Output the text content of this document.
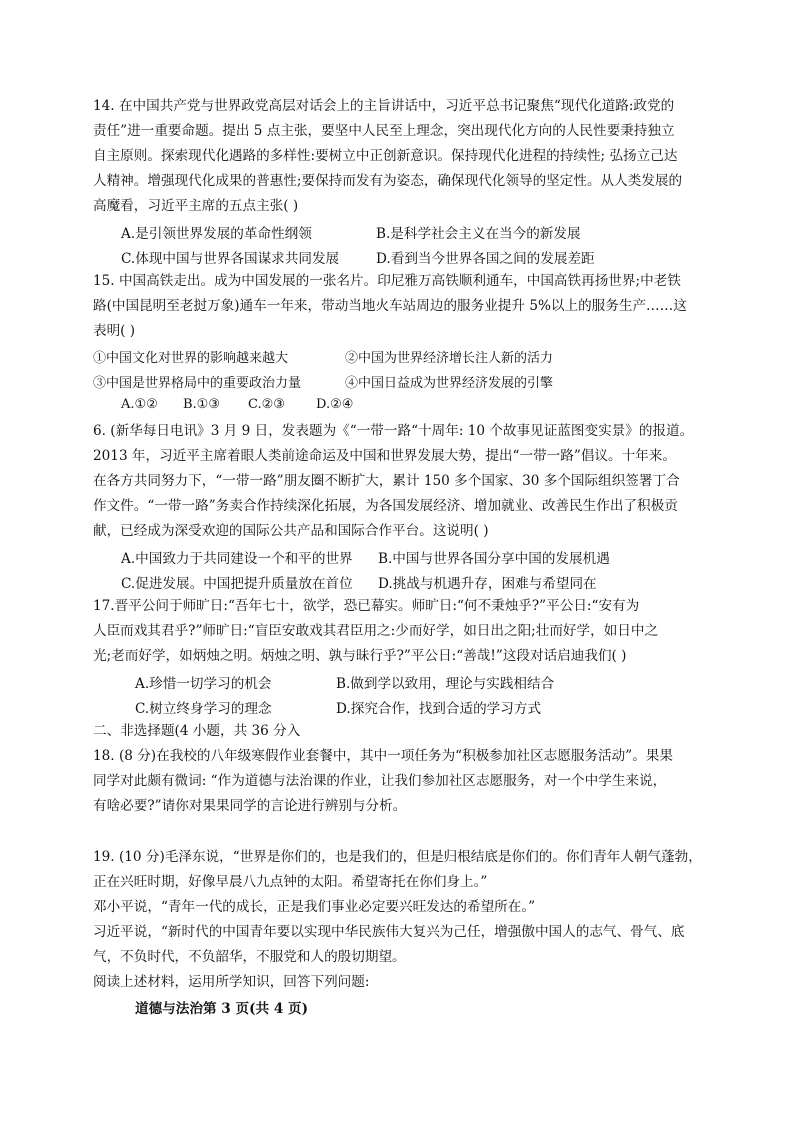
14. 在中国共产党与世界政党高层对话会上的主旨讲话中，习近平总书记聚焦“现代化道路:政党的
责任”进一重要命题。提出 5 点主张，要坚中人民至上理念，突出现代化方向的人民性要秉持独立
自主原则。探索现代化遇路的多样性:要树立中正创新意识。保持现代化进程的持续性; 弘扬立己达
人精神。增强现代化成果的普惠性;要保持而发有为姿态，确保现代化领导的坚定性。从人类发展的
高魔看，习近平主席的五点主张( )
A.是引领世界发展的革命性纲领	B.是科学社会主义在当今的新发展
C.体现中国与世界各国谋求共同发展	D.看到当今世界各国之间的发展差距
15. 中国高铁走出。成为中国发展的一张名片。印尼雅万高铁顺利通车，中国高铁再扬世界;中老铁
路(中国昆明至老挝万象)通车一年来，带动当地火车站周边的服务业提升 5%以上的服务生产……这
表明( )
①中国文化对世界的影响越来越大	②中国为世界经济增长注人新的活力
③中国是世界格局中的重要政治力量	④中国日益成为世界经济发展的引擎
A.①② B.①③ C.②③ D.②④
6. (新华每日电讯》3 月 9 日，发表题为《“一带一路“十周年: 10 个故事见证蓝图变实景》的报道。
2013 年，习近平主席着眼人类前途命运及中国和世界发展大势，提出“一带一路”倡议。十年来。
在各方共同努力下，“一带一路”朋友圈不断扩大，累计 150 多个国家、30 多个国际组织签署丁合
作文件。“一带一路”务卖合作持续深化拓展，为各国发展经济、增加就业、改善民生作出了积极贡
献，已经成为深受欢迎的国际公共产品和国际合作平台。这说明( )
A.中国致力于共同建设一个和平的世界 B.中国与世界各国分享中国的发展机遇
C.促进发展。中国把提升质量放在首位 D.挑战与机遇升存，困难与希望同在
17.晋平公问于师旷日:“吾年七十，欲学，恐已幕实。师旷日:“何不秉烛乎?”平公日:“安有为
人臣而戏其君乎?”师旷日:“盲臣安敢戏其君臣用之:少而好学，如日出之阳;壮而好学，如日中之
光;老而好学，如炳烛之明。炳烛之明、孰与昧行乎?”平公日:“善哉!”这段对话启迪我们( )
A.珍惜一切学习的机会	B.做到学以致用，理论与实践相结合
C.树立终身学习的理念	D.探究合作，找到合适的学习方式
二、非选择题(4 小题，共 36 分入
18. (8 分)在我校的八年级寒假作业套餐中，其中一项任务为“积极参加社区志愿服务活动”。果果
同学对此颇有微词: “作为道德与法治课的作业，让我们参加社区志愿服务，对一个中学生来说，
有啥必要?”请你对果果同学的言论进行辨别与分析。
19. (10 分)毛泽东说，“世界是你们的，也是我们的，但是归根结底是你们的。你们青年人朝气蓬勃，
正在兴旺时期，好像早晨八九点钟的太阳。希望寄托在你们身上。”
邓小平说，“青年一代的成长，正是我们事业必定要兴旺发达的希望所在。”
习近平说，“新时代的中国青年要以实现中华民族伟大复兴为己任，增强傲中国人的志气、骨气、底
气，不负时代，不负韶华，不服党和人的殷切期望。
阅读上述材料，运用所学知识，回答下列问题:
道德与法治第 3 页(共 4 页)
